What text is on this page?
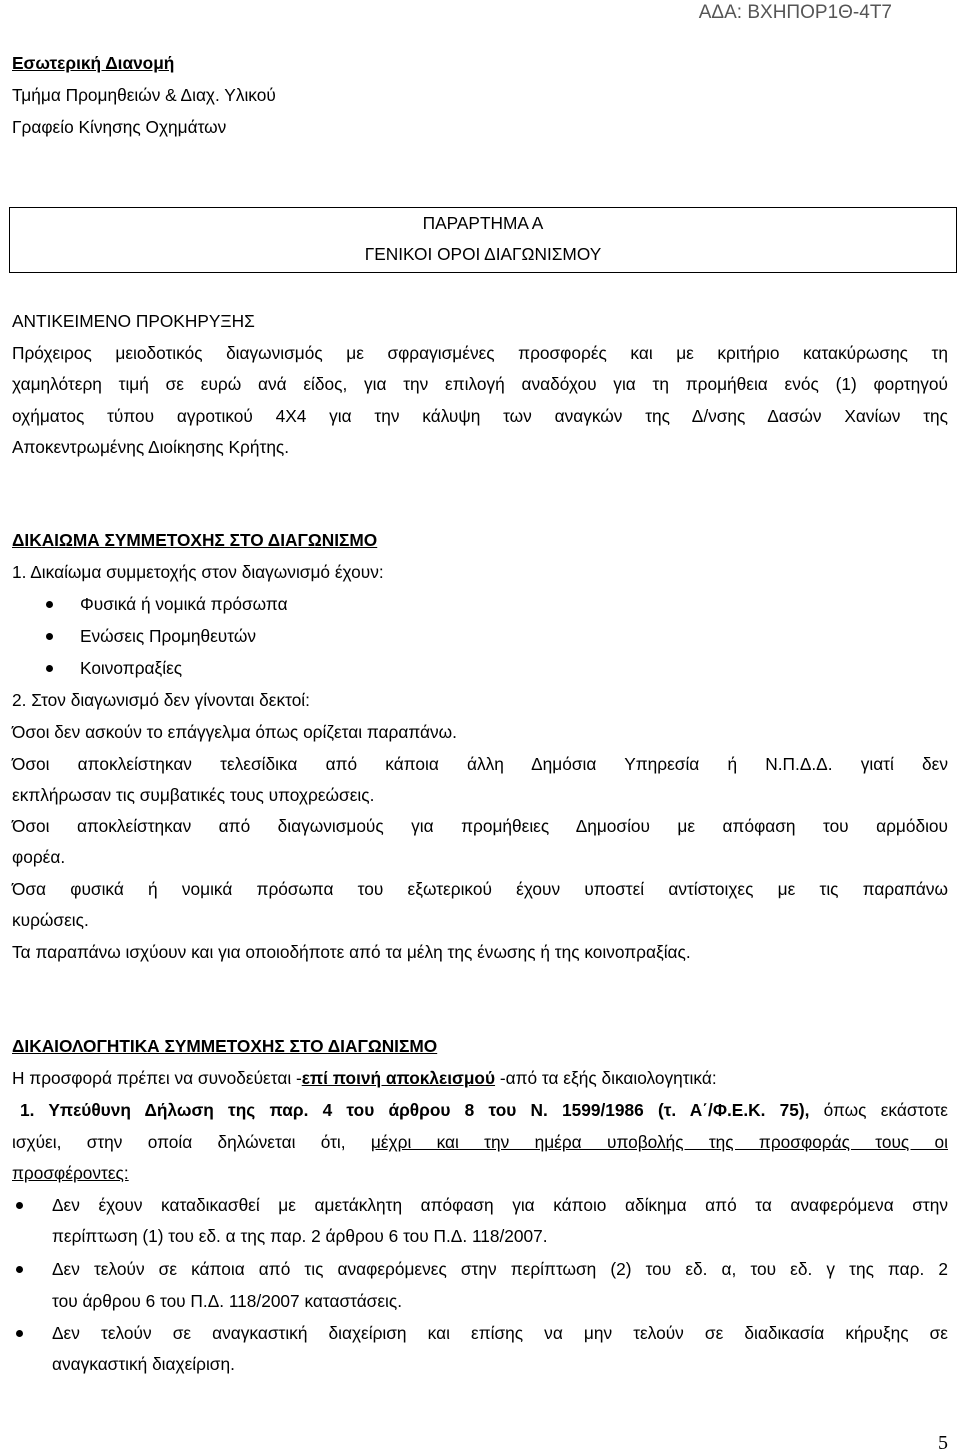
ΑΔΑ: ΒΧΗΠΟΡ1Θ-4Τ7
Εσωτερική Διανομή
Τμήμα Προμηθειών & Διαχ. Υλικού
Γραφείο Κίνησης Οχημάτων
ΠΑΡΑΡΤΗΜΑ Α
ΓΕΝΙΚΟΙ ΟΡΟΙ ΔΙΑΓΩΝΙΣΜΟΥ
ΑΝΤΙΚΕΙΜΕΝΟ ΠΡΟΚΗΡΥΞΗΣ
Πρόχειρος μειοδοτικός διαγωνισμός με σφραγισμένες προσφορές και με κριτήριο κατακύρωσης τη
χαμηλότερη τιμή σε ευρώ ανά είδος, για την επιλογή αναδόχου για τη προμήθεια ενός (1) φορτηγού
οχήματος τύπου αγροτικού 4Χ4 για την κάλυψη των αναγκών της Δ/νσης Δασών Χανίων της
Αποκεντρωμένης Διοίκησης Κρήτης.
ΔΙΚΑΙΩΜΑ ΣΥΜΜΕΤΟΧΗΣ ΣΤΟ ΔΙΑΓΩΝΙΣΜΟ
1. Δικαίωμα συμμετοχής στον διαγωνισμό έχουν:
Φυσικά ή νομικά πρόσωπα
Ενώσεις Προμηθευτών
Κοινοπραξίες
2. Στον διαγωνισμό δεν γίνονται δεκτοί:
Όσοι δεν ασκούν το επάγγελμα όπως ορίζεται παραπάνω.
Όσοι αποκλείστηκαν τελεσίδικα από κάποια άλλη Δημόσια Υπηρεσία ή Ν.Π.Δ.Δ. γιατί δεν
εκπλήρωσαν τις συμβατικές τους υποχρεώσεις.
Όσοι αποκλείστηκαν από διαγωνισμούς για προμήθειες Δημοσίου με απόφαση του αρμόδιου
φορέα.
Όσα φυσικά ή νομικά πρόσωπα του εξωτερικού έχουν υποστεί αντίστοιχες με τις παραπάνω
κυρώσεις.
Τα παραπάνω ισχύουν και για οποιοδήποτε από τα μέλη της ένωσης ή της κοινοπραξίας.
ΔΙΚΑΙΟΛΟΓΗΤΙΚΑ ΣΥΜΜΕΤΟΧΗΣ ΣΤΟ ΔΙΑΓΩΝΙΣΜΟ
Η προσφορά πρέπει να συνοδεύεται -επί ποινή αποκλεισμού -από τα εξής δικαιολογητικά:
1. Υπεύθυνη Δήλωση της παρ. 4 του άρθρου 8 του Ν. 1599/1986 (τ. Α΄/Φ.Ε.Κ. 75), όπως εκάστοτε
ισχύει, στην οποία δηλώνεται ότι, μέχρι και την ημέρα υποβολής της προσφοράς τους οι
προσφέροντες:
Δεν έχουν καταδικασθεί με αμετάκλητη απόφαση για κάποιο αδίκημα από τα αναφερόμενα στην
περίπτωση (1) του εδ. α της παρ. 2 άρθρου 6 του Π.Δ. 118/2007.
Δεν τελούν σε κάποια από τις αναφερόμενες στην περίπτωση (2) του εδ. α, του εδ. γ της παρ. 2
του άρθρου 6 του Π.Δ. 118/2007 καταστάσεις.
Δεν τελούν σε αναγκαστική διαχείριση και επίσης να μην τελούν σε διαδικασία κήρυξης σε
αναγκαστική διαχείριση.
5
